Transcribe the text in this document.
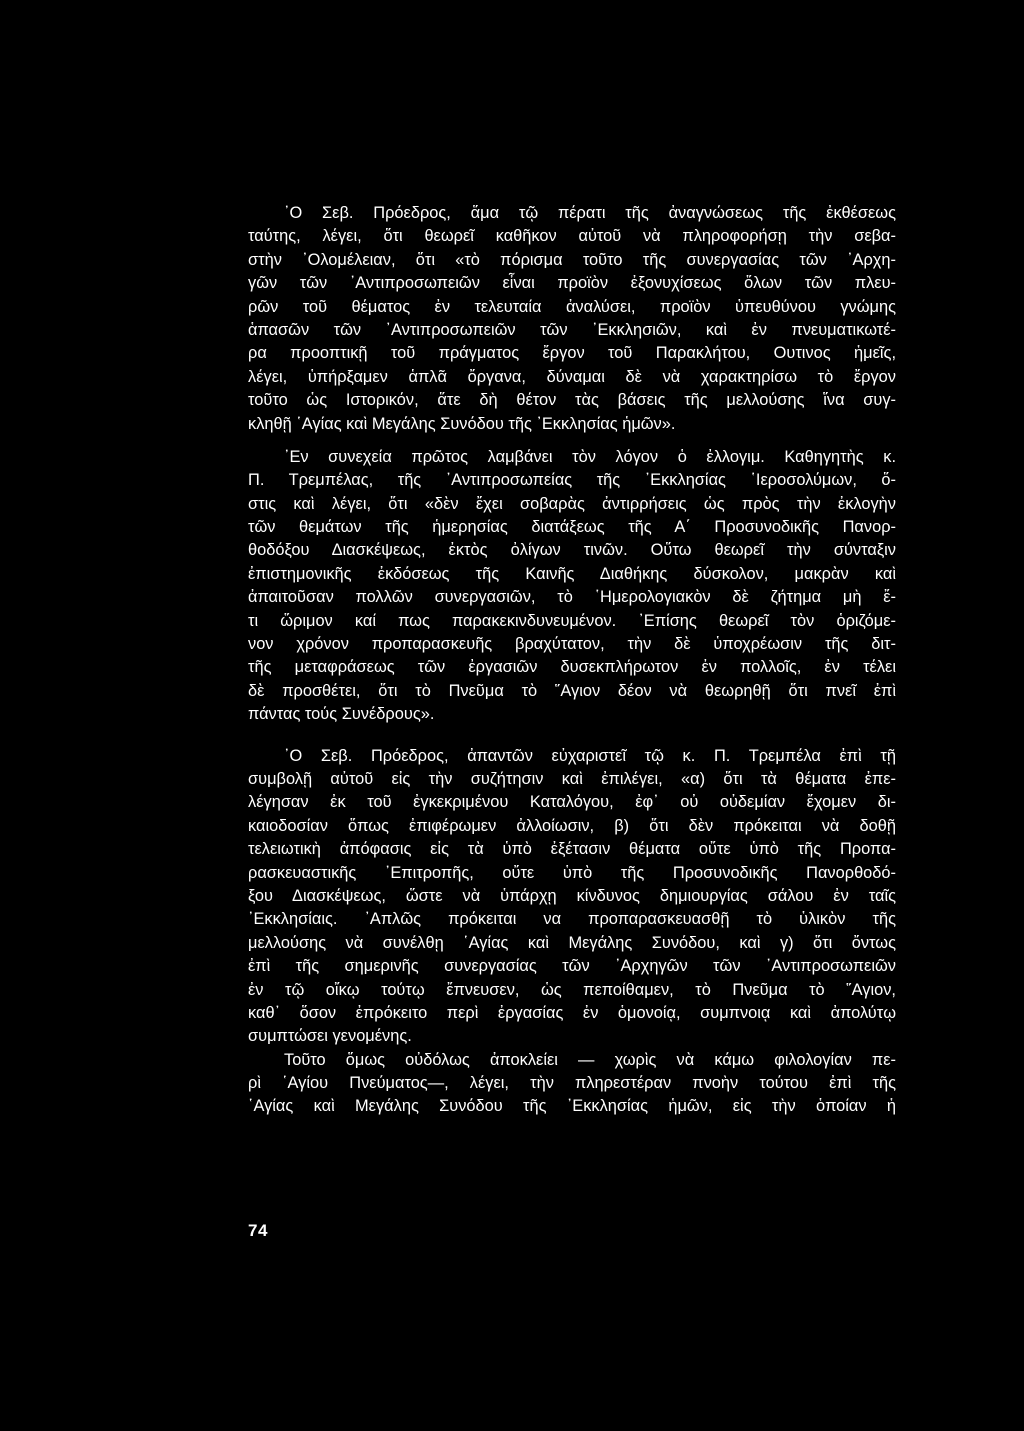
᾿Ο Σεβ. Πρόεδρος, ἅμα τῷ πέρατι τῆς ἀναγνώσεως τῆς ἐκθέσεως
ταύτης, λέγει, ὅτι θεωρεῖ καθῆκον αὐτοῦ νὰ πληροφορήσῃ τὴν σεβα-
στὴν ᾿Ολομέλειαν, ὅτι «τὸ πόρισμα τοῦτο τῆς συνεργασίας τῶν ᾿Αρχη-
γῶν τῶν ᾿Αντιπροσωπειῶν εἶναι προϊὸν ἐξονυχίσεως ὅλων τῶν πλευ-
ρῶν τοῦ θέματος ἐν τελευταία ἀναλύσει, προϊὸν ὑπευθύνου γνώμης
ἁπασῶν τῶν ᾿Αντιπροσωπειῶν τῶν ᾿Εκκλησιῶν, καὶ ἐν πνευματικωτέ-
ρα προοπτικῇ τοῦ πράγματος ἔργον τοῦ Παρακλήτου, Ουτινος ἡμεῖς,
λέγει, ὑπήρξαμεν ἁπλᾶ ὄργανα, δύναμαι δὲ νὰ χαρακτηρίσω τὸ ἔργον
τοῦτο ὡς Ιστορικόν, ἅτε δὴ θέτον τὰς βάσεις τῆς μελλούσης ἵνα συγ-
κληθῇ ῾Αγίας καὶ Μεγάλης Συνόδου τῆς ᾿Εκκλησίας ἡμῶν».
᾿Εν συνεχεία πρῶτος λαμβάνει τὸν λόγον ὁ ἐλλογιμ. Καθηγητὴς κ.
Π. Τρεμπέλας, τῆς ᾿Αντιπροσωπείας τῆς ᾿Εκκλησίας ῾Ιεροσολύμων, ὅ-
στις καὶ λέγει, ὅτι «δὲν ἔχει σοβαρὰς ἀντιρρήσεις ὡς πρὸς τὴν ἐκλογὴν
τῶν θεμάτων τῆς ἡμερησίας διατάξεως τῆς Α΄ Προσυνοδικῆς Πανορ-
θοδόξου Διασκέψεως, ἐκτὸς ὀλίγων τινῶν. Οὕτω θεωρεῖ τὴν σύνταξιν
ἐπιστημονικῆς ἐκδόσεως τῆς Καινῆς Διαθήκης δύσκολον, μακρὰν καὶ
ἀπαιτοῦσαν πολλῶν συνεργασιῶν, τὸ ῾Ημερολογιακὸν δὲ ζήτημα μὴ ἔ-
τι ὥριμον καί πως παρακεκινδυνευμένον. ᾿Επίσης θεωρεῖ τὸν ὁριζόμε-
νον χρόνον προπαρασκευῆς βραχύτατον, τὴν δὲ ὑποχρέωσιν τῆς διτ-
τῆς μεταφράσεως τῶν ἐργασιῶν δυσεκπλήρωτον ἐν πολλοῖς, ἐν τέλει
δὲ προσθέτει, ὅτι τὸ Πνεῦμα τὸ ῞Αγιον δέον νὰ θεωρηθῇ ὅτι πνεῖ ἐπὶ
πάντας τούς Συνέδρους».
᾿Ο Σεβ. Πρόεδρος, ἀπαντῶν εὐχαριστεῖ τῷ κ. Π. Τρεμπέλα ἐπὶ τῇ
συμβολῇ αὐτοῦ εἰς τὴν συζήτησιν καὶ ἐπιλέγει, «α) ὅτι τὰ θέματα ἐπε-
λέγησαν ἐκ τοῦ ἐγκεκριμένου Καταλόγου, ἐφ᾿ οὐ οὐδεμίαν ἔχομεν δι-
καιοδοσίαν ὅπως ἐπιφέρωμεν ἀλλοίωσιν, β) ὅτι δὲν πρόκειται νὰ δοθῇ
τελειωτικὴ ἀπόφασις εἰς τὰ ὑπὸ ἐξέτασιν θέματα οὔτε ὑπὸ τῆς Προπα-
ρασκευαστικῆς ᾿Επιτροπῆς, οὔτε ὑπὸ τῆς Προσυνοδικῆς Πανορθοδό-
ξου Διασκέψεως, ὥστε νὰ ὑπάρχῃ κίνδυνος δημιουργίας σάλου ἐν ταῖς
᾿Εκκλησίαις. ᾿Απλῶς πρόκειται να προπαρασκευασθῇ τὸ ὑλικὸν τῆς
μελλούσης νὰ συνέλθῃ ῾Αγίας καὶ Μεγάλης Συνόδου, καὶ γ) ὅτι ὄντως
ἐπὶ τῆς σημερινῆς συνεργασίας τῶν ᾿Αρχηγῶν τῶν ᾿Αντιπροσωπειῶν
ἐν τῷ οἴκῳ τούτῳ ἔπνευσεν, ὡς πεποίθαμεν, τὸ Πνεῦμα τὸ ῞Αγιον,
καθ᾿ ὅσον ἐπρόκειτο περὶ ἐργασίας ἐν ὁμονοίᾳ, συμπνοιᾳ καὶ ἀπολύτῳ
συμπτώσει γενομένης.
Τοῦτο ὅμως οὐδόλως ἀποκλείει — χωρὶς νὰ κάμω φιλολογίαν πε-
ρὶ ῾Αγίου Πνεύματος—, λέγει, τὴν πληρεστέραν πνοὴν τούτου ἐπὶ τῆς
῾Αγίας καὶ Μεγάλης Συνόδου τῆς ᾿Εκκλησίας ἡμῶν, εἰς τὴν ὁποίαν ἡ
74
